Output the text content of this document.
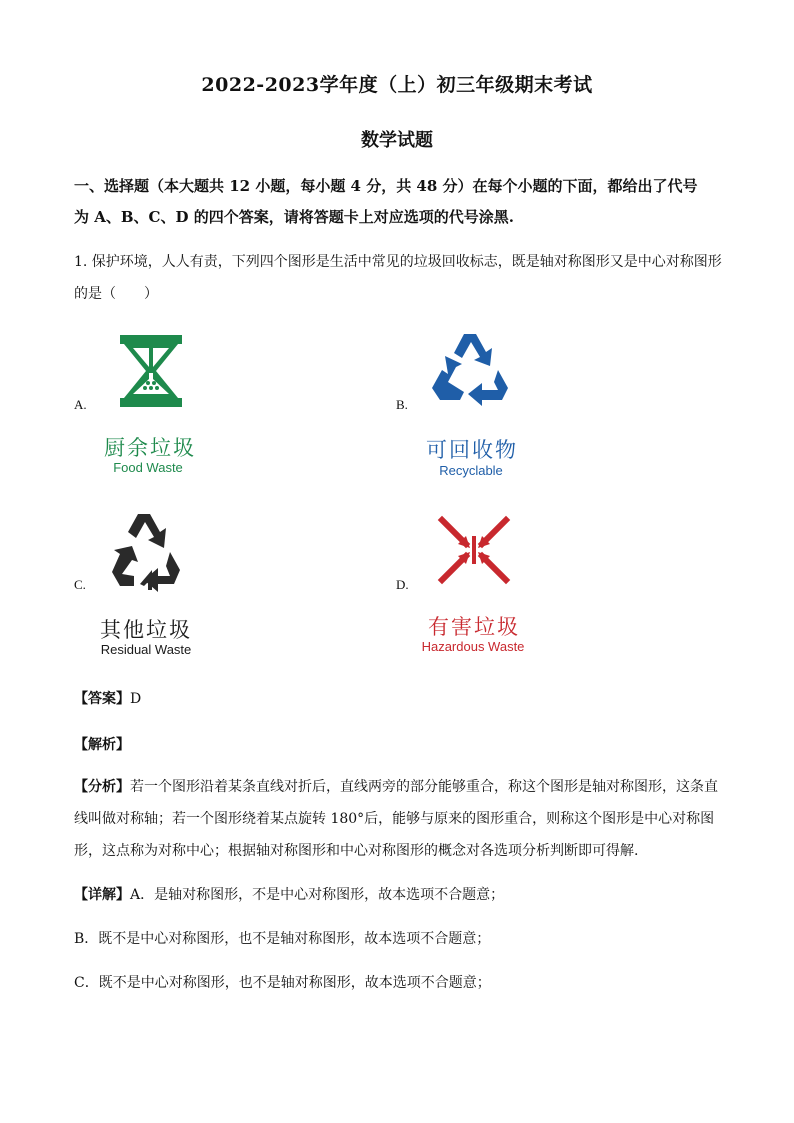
2022-2023学年度（上）初三年级期末考试
数学试题
一、选择题（本大题共 12 小题，每小题 4 分，共 48 分）在每个小题的下面，都给出了代号
为 A、B、C、D 的四个答案，请将答题卡上对应选项的代号涂黑.
1. 保护环境，人人有责，下列四个图形是生活中常见的垃圾回收标志，既是轴对称图形又是中心对称图形
的是（　　）
A.
厨余垃圾
Food Waste
B.
可回收物
Recyclable
C.
其他垃圾
Residual Waste
D.
有害垃圾
Hazardous Waste
【答案】D
【解析】
【分析】若一个图形沿着某条直线对折后，直线两旁的部分能够重合，称这个图形是轴对称图形，这条直
线叫做对称轴；若一个图形绕着某点旋转 180°后，能够与原来的图形重合，则称这个图形是中心对称图
形，这点称为对称中心；根据轴对称图形和中心对称图形的概念对各选项分析判断即可得解.
【详解】A．是轴对称图形，不是中心对称图形，故本选项不合题意；
B．既不是中心对称图形，也不是轴对称图形，故本选项不合题意；
C．既不是中心对称图形，也不是轴对称图形，故本选项不合题意；
